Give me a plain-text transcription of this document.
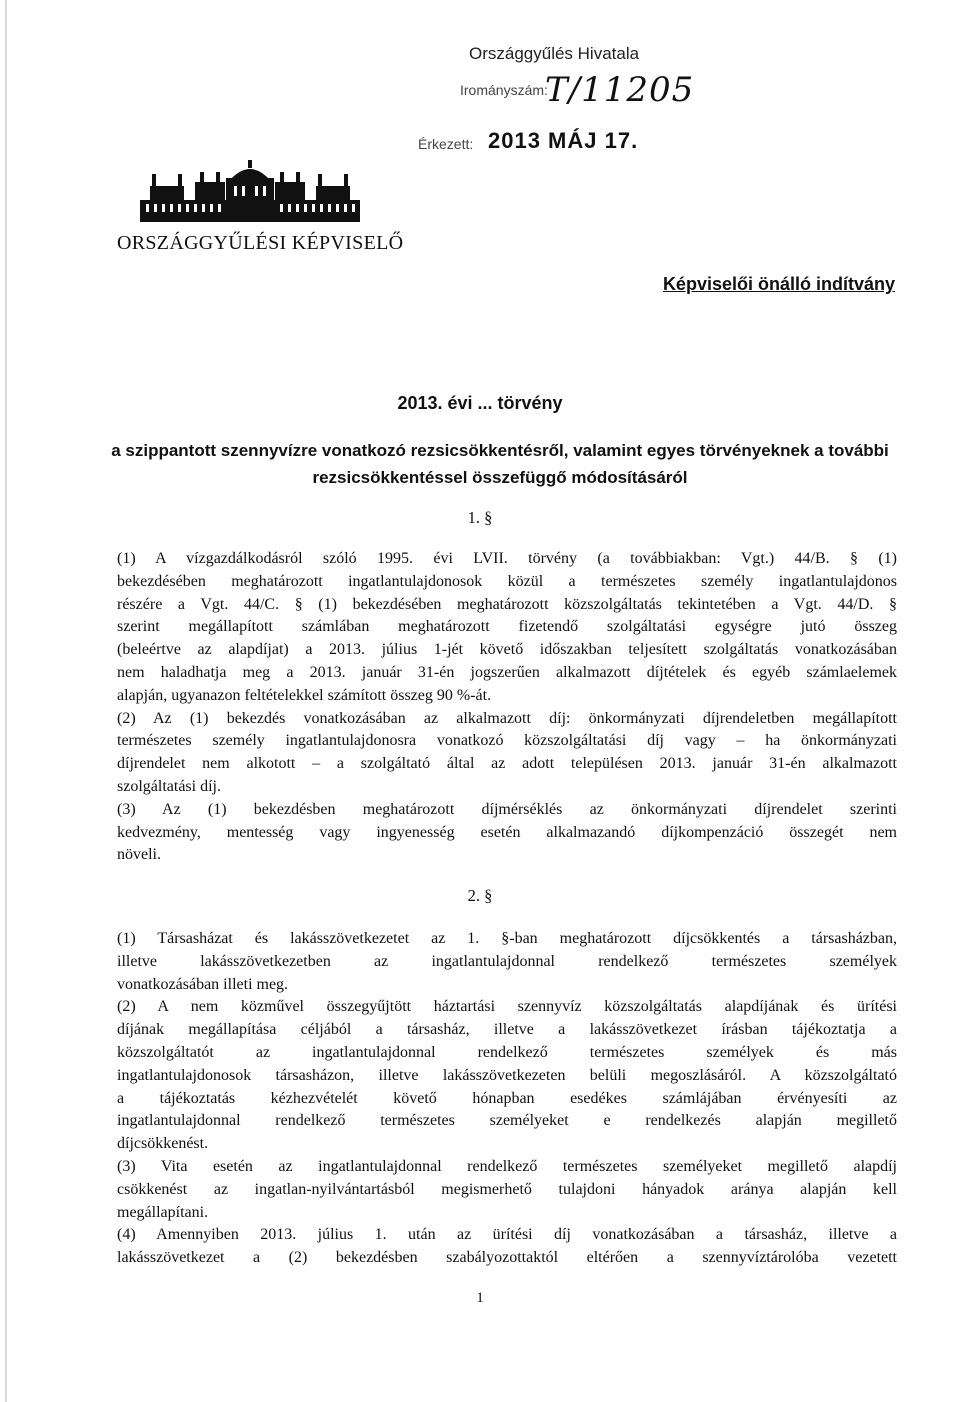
Országgyűlés Hivatala
Irományszám:
T/11205
Érkezett: 2013 MÁJ 17.
ORSZÁGGYŰLÉSI KÉPVISELŐ
Képviselői önálló indítvány
2013. évi ... törvény
a szippantott szennyvízre vonatkozó rezsicsökkentésről, valamint egyes törvényeknek a további rezsicsökkentéssel összefüggő módosításáról
1. §
(1) A vízgazdálkodásról szóló 1995. évi LVII. törvény (a továbbiakban: Vgt.) 44/B. § (1)
bekezdésében meghatározott ingatlantulajdonosok közül a természetes személy ingatlantulajdonos
részére a Vgt. 44/C. § (1) bekezdésében meghatározott közszolgáltatás tekintetében a Vgt. 44/D. §
szerint megállapított számlában meghatározott fizetendő szolgáltatási egységre jutó összeg
(beleértve az alapdíjat) a 2013. július 1-jét követő időszakban teljesített szolgáltatás vonatkozásában
nem haladhatja meg a 2013. január 31-én jogszerűen alkalmazott díjtételek és egyéb számlaelemek
alapján, ugyanazon feltételekkel számított összeg 90 %-át.
(2) Az (1) bekezdés vonatkozásában az alkalmazott díj: önkormányzati díjrendeletben megállapított
természetes személy ingatlantulajdonosra vonatkozó közszolgáltatási díj vagy – ha önkormányzati
díjrendelet nem alkotott – a szolgáltató által az adott településen 2013. január 31-én alkalmazott
szolgáltatási díj.
(3) Az (1) bekezdésben meghatározott díjmérséklés az önkormányzati díjrendelet szerinti
kedvezmény, mentesség vagy ingyenesség esetén alkalmazandó díjkompenzáció összegét nem
növeli.
2. §
(1) Társasházat és lakásszövetkezetet az 1. §-ban meghatározott díjcsökkentés a társasházban,
illetve lakásszövetkezetben az ingatlantulajdonnal rendelkező természetes személyek
vonatkozásában illeti meg.
(2) A nem közművel összegyűjtött háztartási szennyvíz közszolgáltatás alapdíjának és ürítési
díjának megállapítása céljából a társasház, illetve a lakásszövetkezet írásban tájékoztatja a
közszolgáltatót az ingatlantulajdonnal rendelkező természetes személyek és más
ingatlantulajdonosok társasházon, illetve lakásszövetkezeten belüli megoszlásáról. A közszolgáltató
a tájékoztatás kézhezvételét követő hónapban esedékes számlájában érvényesíti az
ingatlantulajdonnal rendelkező természetes személyeket e rendelkezés alapján megillető
díjcsökkenést.
(3) Vita esetén az ingatlantulajdonnal rendelkező természetes személyeket megillető alapdíj
csökkenést az ingatlan-nyilvántartásból megismerhető tulajdoni hányadok aránya alapján kell
megállapítani.
(4) Amennyiben 2013. július 1. után az ürítési díj vonatkozásában a társasház, illetve a
lakásszövetkezet a (2) bekezdésben szabályozottaktól eltérően a szennyvíztárolóba vezetett
1
